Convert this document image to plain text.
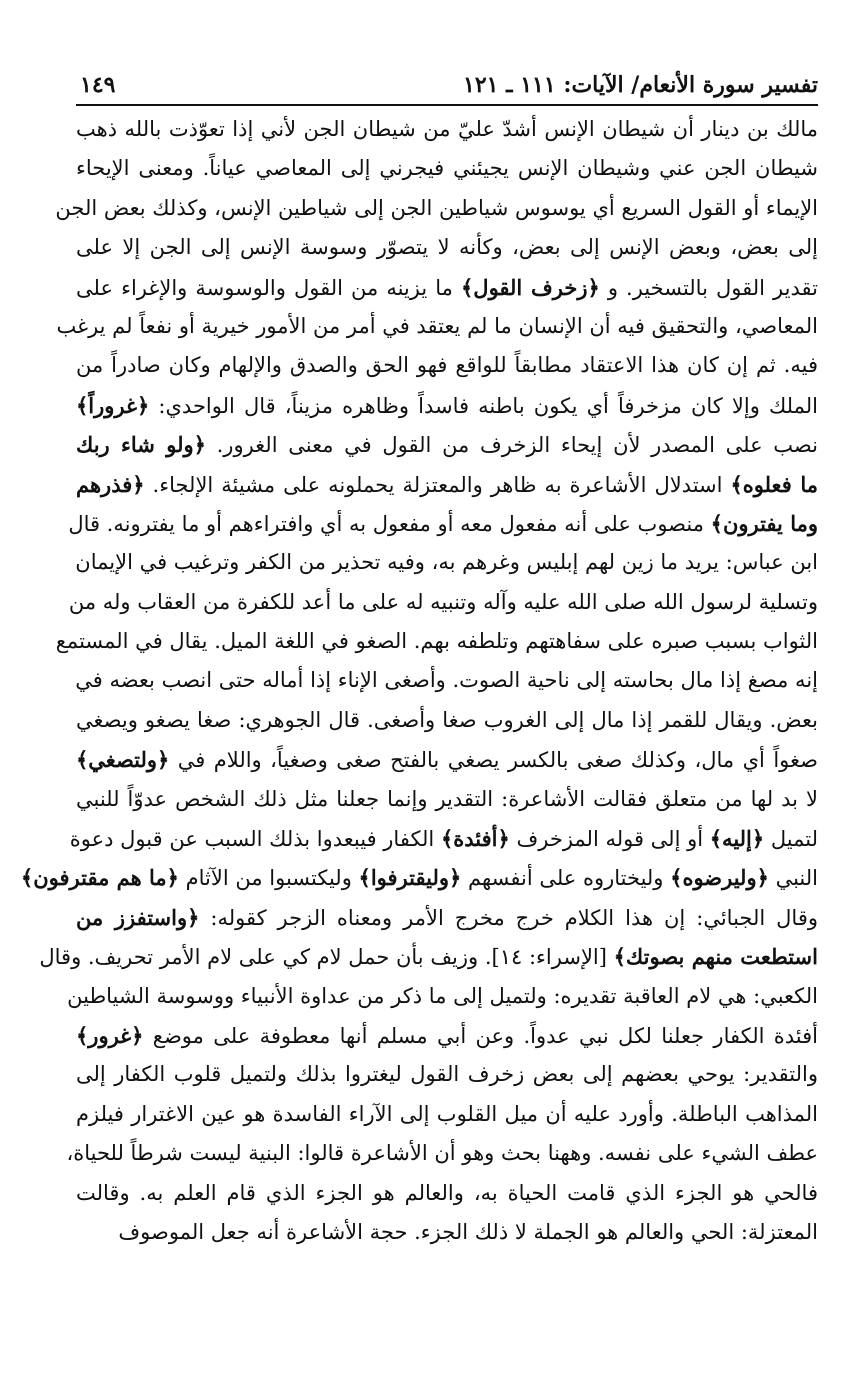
تفسير سورة الأنعام/ الآيات: ١١١ ـ ١٢١
١٤٩
مالك بن دينار أن شيطان الإنس أشدّ عليّ من شيطان الجن لأني إذا تعوّذت بالله ذهب
شيطان الجن عني وشيطان الإنس يجيئني فيجرني إلى المعاصي عياناً. ومعنى الإيحاء
الإيماء أو القول السريع أي يوسوس شياطين الجن إلى شياطين الإنس، وكذلك بعض الجن
إلى بعض، وبعض الإنس إلى بعض، وكأنه لا يتصوّر وسوسة الإنس إلى الجن إلا على
تقدير القول بالتسخير. و ﴿زخرف القول﴾ ما يزينه من القول والوسوسة والإغراء على
المعاصي، والتحقيق فيه أن الإنسان ما لم يعتقد في أمر من الأمور خيرية أو نفعاً لم يرغب
فيه. ثم إن كان هذا الاعتقاد مطابقاً للواقع فهو الحق والصدق والإلهام وكان صادراً من
الملك وإلا كان مزخرفاً أي يكون باطنه فاسداً وظاهره مزيناً، قال الواحدي: ﴿غروراً﴾
نصب على المصدر لأن إيحاء الزخرف من القول في معنى الغرور. ﴿ولو شاء ربك
ما فعلوه﴾ استدلال الأشاعرة به ظاهر والمعتزلة يحملونه على مشيئة الإلجاء. ﴿فذرهم
وما يفترون﴾ منصوب على أنه مفعول معه أو مفعول به أي وافتراءهم أو ما يفترونه. قال
ابن عباس: يريد ما زين لهم إبليس وغرهم به، وفيه تحذير من الكفر وترغيب في الإيمان
وتسلية لرسول الله صلى الله عليه وآله وتنبيه له على ما أعد للكفرة من العقاب وله من
الثواب بسبب صبره على سفاهتهم وتلطفه بهم. الصغو في اللغة الميل. يقال في المستمع
إنه مصغ إذا مال بحاسته إلى ناحية الصوت. وأصغى الإناء إذا أماله حتى انصب بعضه في
بعض. ويقال للقمر إذا مال إلى الغروب صغا وأصغى. قال الجوهري: صغا يصغو ويصغي
صغواً أي مال، وكذلك صغى بالكسر يصغي بالفتح صغى وصغياً، واللام في ﴿ولتصغي﴾
لا بد لها من متعلق فقالت الأشاعرة: التقدير وإنما جعلنا مثل ذلك الشخص عدوّاً للنبي
لتميل ﴿إليه﴾ أو إلى قوله المزخرف ﴿أفئدة﴾ الكفار فيبعدوا بذلك السبب عن قبول دعوة
النبي ﴿وليرضوه﴾ وليختاروه على أنفسهم ﴿وليقترفوا﴾ وليكتسبوا من الآثام ﴿ما هم مقترفون﴾
وقال الجبائي: إن هذا الكلام خرج مخرج الأمر ومعناه الزجر كقوله: ﴿واستفزز من
استطعت منهم بصوتك﴾ [الإسراء: ١٤]. وزيف بأن حمل لام كي على لام الأمر تحريف. وقال
الكعبي: هي لام العاقبة تقديره: ولتميل إلى ما ذكر من عداوة الأنبياء ووسوسة الشياطين
أفئدة الكفار جعلنا لكل نبي عدواً. وعن أبي مسلم أنها معطوفة على موضع ﴿غرور﴾
والتقدير: يوحي بعضهم إلى بعض زخرف القول ليغتروا بذلك ولتميل قلوب الكفار إلى
المذاهب الباطلة. وأورد عليه أن ميل القلوب إلى الآراء الفاسدة هو عين الاغترار فيلزم
عطف الشيء على نفسه. وههنا بحث وهو أن الأشاعرة قالوا: البنية ليست شرطاً للحياة،
فالحي هو الجزء الذي قامت الحياة به، والعالم هو الجزء الذي قام العلم به. وقالت
المعتزلة: الحي والعالم هو الجملة لا ذلك الجزء. حجة الأشاعرة أنه جعل الموصوف
